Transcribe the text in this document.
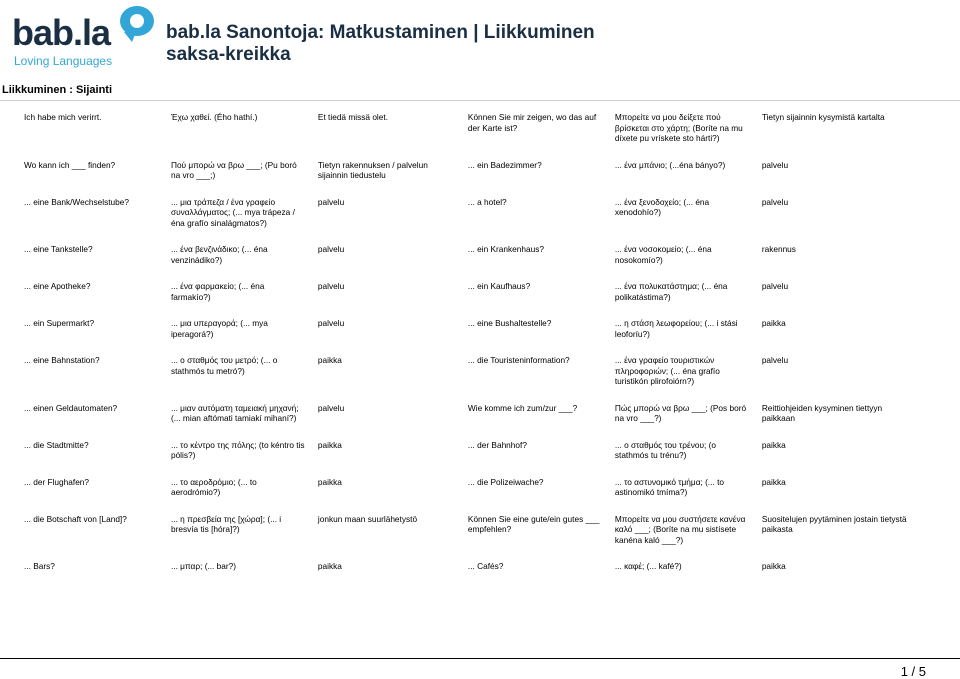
bab.la
Loving Languages
bab.la Sanontoja: Matkustaminen | Liikkuminen
saksa-kreikka
Liikkuminen : Sijainti
Ich habe mich verirrt.	Έχω χαθεί. (Ého hathí.)	Et tiedä missä olet.	Können Sie mir zeigen, wo das auf der Karte ist?	Μπορείτε να μου δείξετε πού βρίσκεται στο χάρτη; (Boríte na mu díxete pu vrískete sto hárti?)	Tietyn sijainnin kysymistä kartalta
Wo kann ich ___ finden?	Πού μπορώ να βρω ___; (Pu boró na vro ___;)	Tietyn rakennuksen / palvelun sijainnin tiedustelu	... ein Badezimmer?	... ένα μπάνιο; (...éna bányo?)	palvelu
... eine Bank/Wechselstube?	... μια τράπεζα / ένα γραφείο συναλλάγματος; (... mya trápeza / éna grafío sinalágmatos?)	palvelu	... a hotel?	... ένα ξενοδοχείο; (... éna xenodohío?)	palvelu
... eine Tankstelle?	... ένα βενζινάδικο; (... éna venzinádiko?)	palvelu	... ein Krankenhaus?	... ένα νοσοκομείο; (... éna nosokomío?)	rakennus
... eine Apotheke?	... ένα φαρμακείο; (... éna farmakío?)	palvelu	... ein Kaufhaus?	... ένα πολυκατάστημα; (... éna polikatástima?)	palvelu
... ein Supermarkt?	... μια υπεραγορά; (... mya iperagorá?)	palvelu	... eine Bushaltestelle?	... η στάση λεωφορείου; (... i stási leoforíu?)	paikka
... eine Bahnstation?	... ο σταθμός του μετρό; (... o stathmós tu metró?)	paikka	... die Touristeninformation?	... ένα γραφείο τουριστικών πληροφοριών; (... éna grafío turistikón plirofoiórn?)	palvelu
... einen Geldautomaten?	... μιαν αυτόματη ταμειακή μηχανή; (... mian aftómati tamiakí mihaní?)	palvelu	Wie komme ich zum/zur ___?	Πώς μπορώ να βρω ___; (Pos boró na vro ___?)	Reittiohjeiden kysyminen tiettyyn paikkaan
... die Stadtmitte?	... το κέντρο της πόλης; (to kéntro tis pólis?)	paikka	... der Bahnhof?	... ο σταθμός του τρένου; (o stathmós tu trénu?)	paikka
... der Flughafen?	... το αεροδρόμιο; (... to aerodrómio?)	paikka	... die Polizeiwache?	... το αστυνομικό τμήμα; (... to astinomikó tmíma?)	paikka
... die Botschaft von [Land]?	... η πρεσβεία της [χώρα]; (... i bresvía tis [hóra]?)	jonkun maan suurlähetystö	Können Sie eine gute/ein gutes ___ empfehlen?	Μπορείτε να μου συστήσετε κανένα καλό ___; (Boríte na mu sistísete kanéna kaló ___?)	Suositelujen pyytäminen jostain tietystä paikasta
... Bars?	... μπαρ; (... bar?)	paikka	... Cafés?	... καφέ; (... kafé?)	paikka
1 / 5
